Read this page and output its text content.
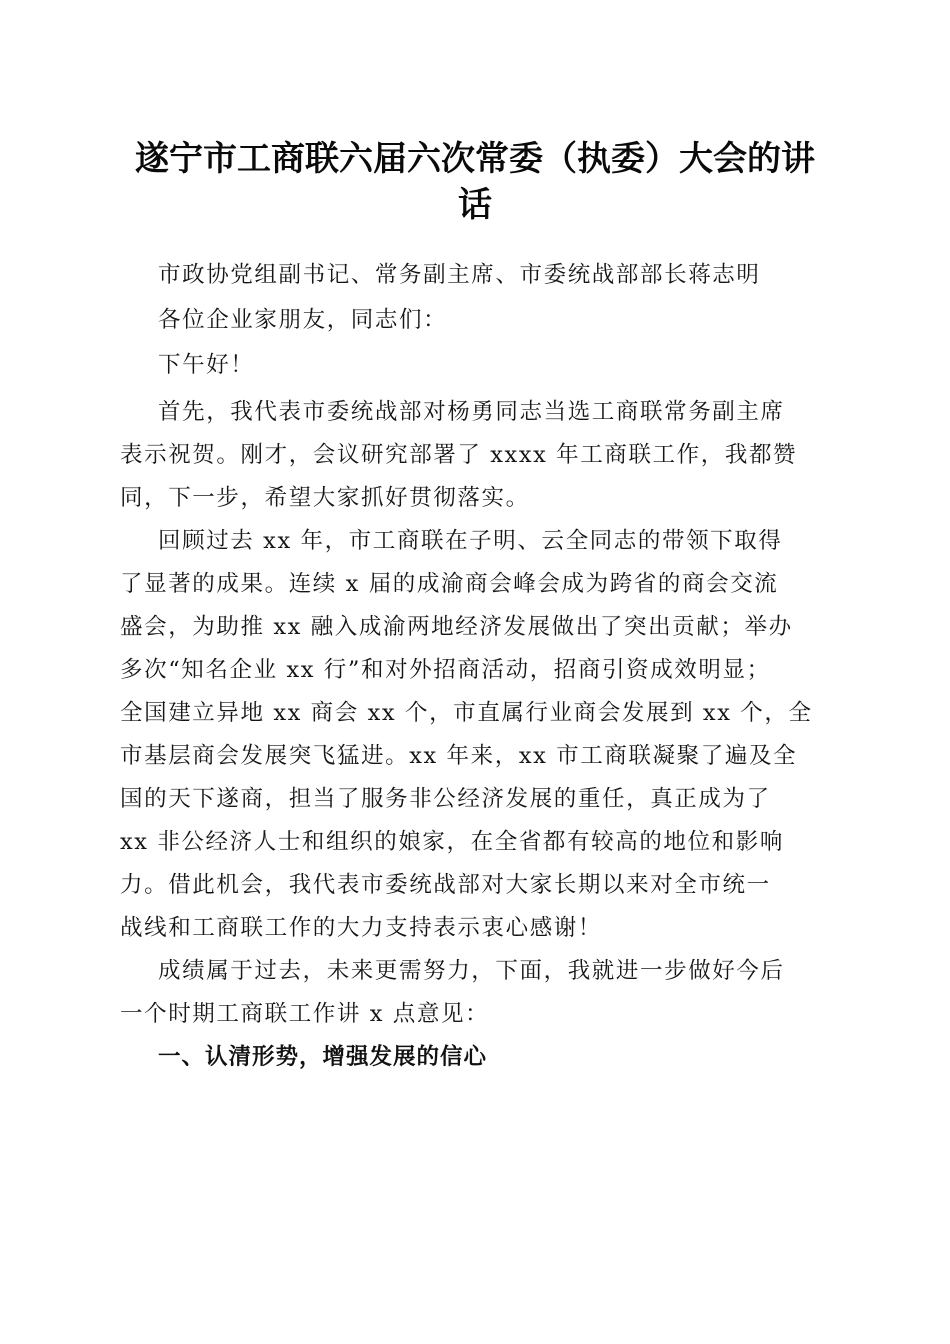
遂宁市工商联六届六次常委（执委）大会的讲
话
市政协党组副书记、常务副主席、市委统战部部长蒋志明
各位企业家朋友，同志们：
下午好！
首先，我代表市委统战部对杨勇同志当选工商联常务副主席
表示祝贺。刚才，会议研究部署了 xxxx 年工商联工作，我都赞
同，下一步，希望大家抓好贯彻落实。
回顾过去 xx 年，市工商联在子明、云全同志的带领下取得
了显著的成果。连续 x 届的成渝商会峰会成为跨省的商会交流
盛会，为助推 xx 融入成渝两地经济发展做出了突出贡献；举办
多次“知名企业 xx 行”和对外招商活动，招商引资成效明显；
全国建立异地 xx 商会 xx 个，市直属行业商会发展到 xx 个，全
市基层商会发展突飞猛进。xx 年来，xx 市工商联凝聚了遍及全
国的天下遂商，担当了服务非公经济发展的重任，真正成为了
xx 非公经济人士和组织的娘家，在全省都有较高的地位和影响
力。借此机会，我代表市委统战部对大家长期以来对全市统一
战线和工商联工作的大力支持表示衷心感谢！
成绩属于过去，未来更需努力，下面，我就进一步做好今后
一个时期工商联工作讲 x 点意见：
一、认清形势，增强发展的信心
